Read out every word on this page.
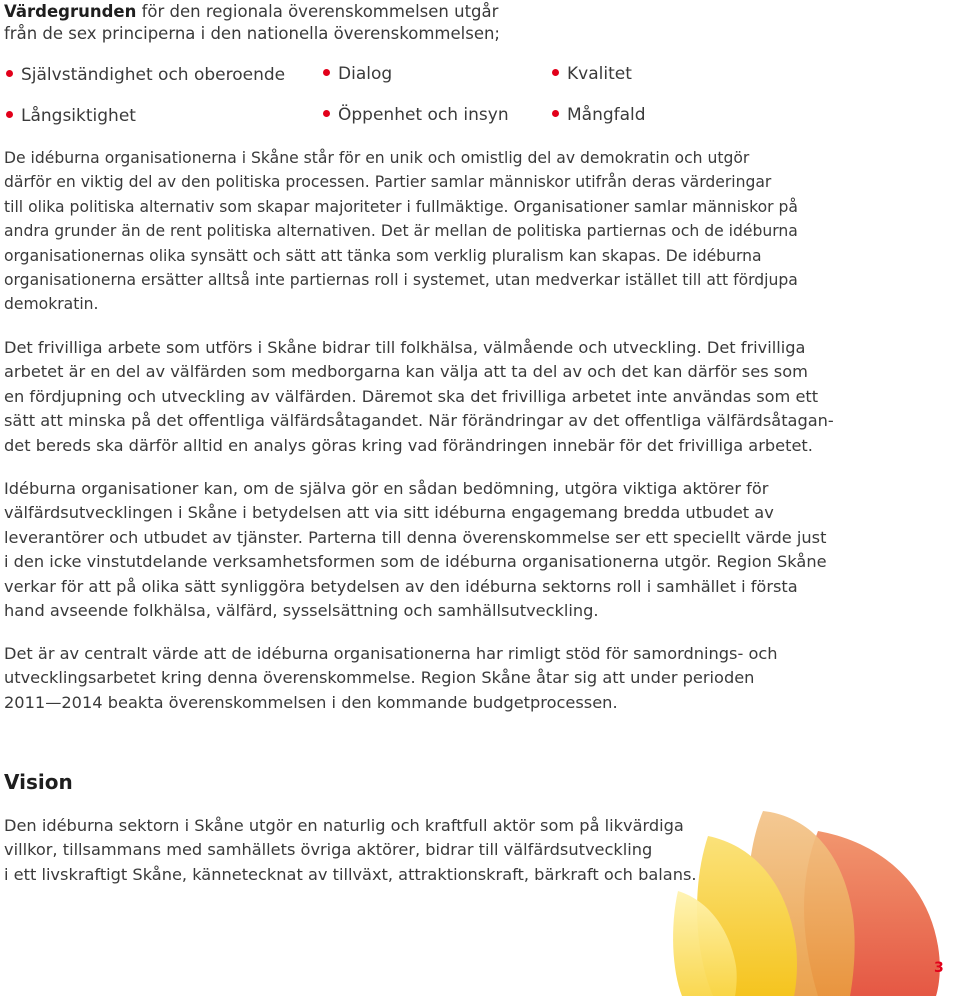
Värdegrunden för den regionala överenskommelsen utgår
från de sex principerna i den nationella överenskommelsen;
Självständighet och oberoende	Dialog	Kvalitet
Långsiktighet	Öppenhet och insyn	Mångfald
De idéburna organisationerna i Skåne står för en unik och omistlig del av demokratin och utgör
därför en viktig del av den politiska processen. Partier samlar människor utifrån deras värderingar
till olika politiska alternativ som skapar majoriteter i fullmäktige. Organisationer samlar människor på
andra grunder än de rent politiska alternativen. Det är mellan de politiska partiernas och de idéburna
organisationernas olika synsätt och sätt att tänka som verklig pluralism kan skapas. De idéburna
organisationerna ersätter alltså inte partiernas roll i systemet, utan medverkar istället till att fördjupa
demokratin.
Det frivilliga arbete som utförs i Skåne bidrar till folkhälsa, välmående och utveckling. Det frivilliga
arbetet är en del av välfärden som medborgarna kan välja att ta del av och det kan därför ses som
en fördjupning och utveckling av välfärden. Däremot ska det frivilliga arbetet inte användas som ett
sätt att minska på det offentliga välfärdsåtagandet. När förändringar av det offentliga välfärdsåtagan-
det bereds ska därför alltid en analys göras kring vad förändringen innebär för det frivilliga arbetet.
Idéburna organisationer kan, om de själva gör en sådan bedömning, utgöra viktiga aktörer för
välfärdsutvecklingen i Skåne i betydelsen att via sitt idéburna engagemang bredda utbudet av
leverantörer och utbudet av tjänster. Parterna till denna överenskommelse ser ett speciellt värde just
i den icke vinstutdelande verksamhetsformen som de idéburna organisationerna utgör. Region Skåne
verkar för att på olika sätt synliggöra betydelsen av den idéburna sektorns roll i samhället i första
hand avseende folkhälsa, välfärd, sysselsättning och samhällsutveckling.
Det är av centralt värde att de idéburna organisationerna har rimligt stöd för samordnings- och
utvecklingsarbetet kring denna överenskommelse. Region Skåne åtar sig att under perioden
2011—2014 beakta överenskommelsen i den kommande budgetprocessen.
Vision
Den idéburna sektorn i Skåne utgör en naturlig och kraftfull aktör som på likvärdiga
villkor, tillsammans med samhällets övriga aktörer, bidrar till välfärdsutveckling
i ett livskraftigt Skåne, kännetecknat av tillväxt, attraktionskraft, bärkraft och balans.
3
